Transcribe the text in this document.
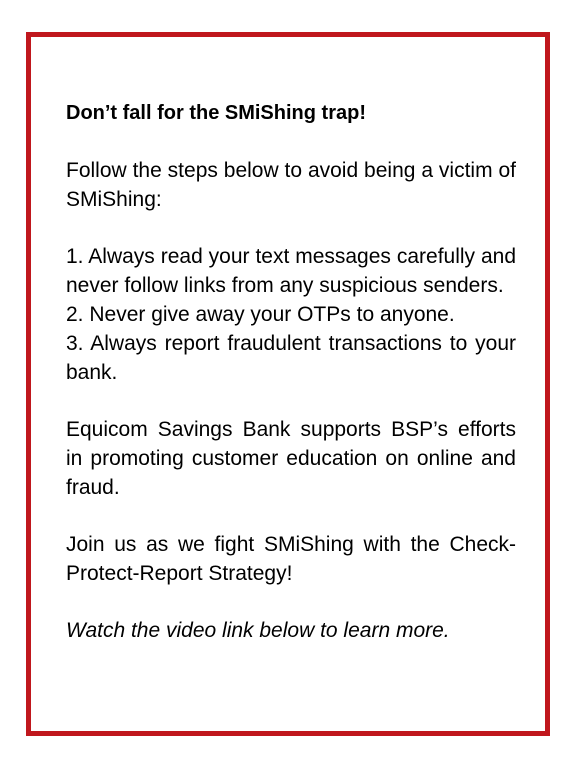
Don’t fall for the SMiShing trap!

Follow the steps below to avoid being a victim of SMiShing:

1. Always read your text messages carefully and never follow links from any suspicious senders.

2. Never give away your OTPs to anyone.

3. Always report fraudulent transactions to your bank.

Equicom Savings Bank supports BSP’s efforts in promoting customer education on online and fraud.

Join us as we fight SMiShing with the Check-Protect-Report Strategy!

Watch the video link below to learn more.
